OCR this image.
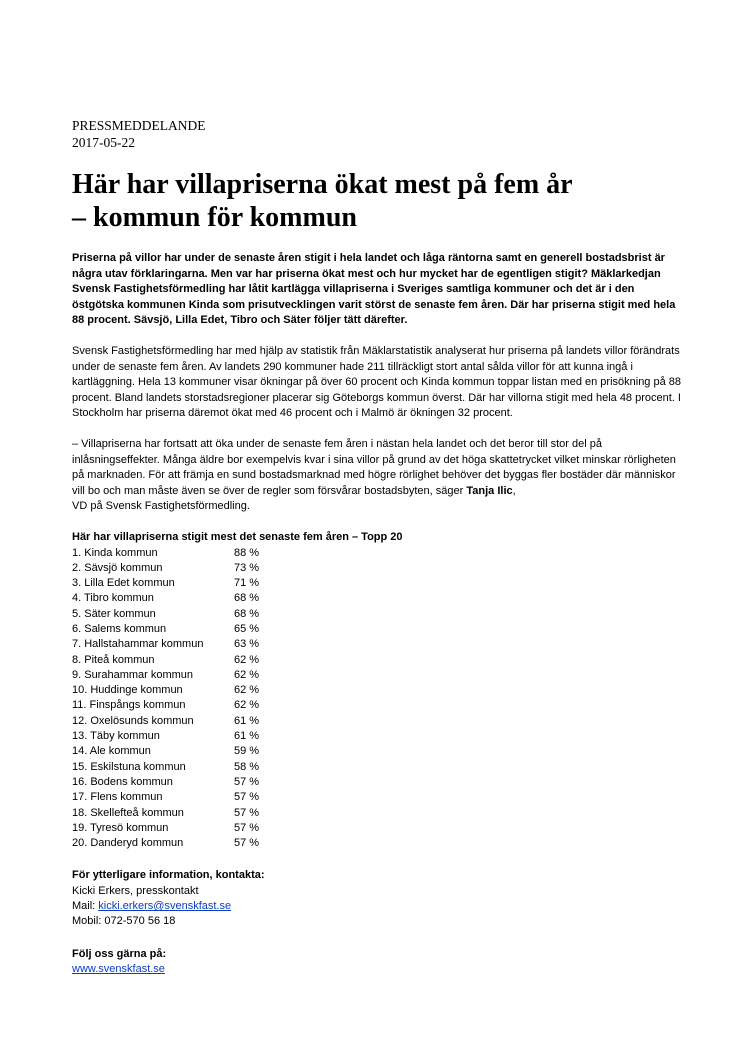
PRESSMEDDELANDE
2017-05-22
Här har villapriserna ökat mest på fem år
– kommun för kommun

Priserna på villor har under de senaste åren stigit i hela landet och låga räntorna samt en generell bostadsbrist är några utav förklaringarna. Men var har priserna ökat mest och hur mycket har de egentligen stigit? Mäklarkedjan Svensk Fastighetsförmedling har låtit kartlägga villapriserna i Sveriges samtliga kommuner och det är i den östgötska kommunen Kinda som prisutvecklingen varit störst de senaste fem åren. Där har priserna stigit med hela 88 procent. Sävsjö, Lilla Edet, Tibro och Säter följer tätt därefter.

Svensk Fastighetsförmedling har med hjälp av statistik från Mäklarstatistik analyserat hur priserna på landets villor förändrats under de senaste fem åren. Av landets 290 kommuner hade 211 tillräckligt stort antal sålda villor för att kunna ingå i kartläggning. Hela 13 kommuner visar ökningar på över 60 procent och Kinda kommun toppar listan med en prisökning på 88 procent. Bland landets storstadsregioner placerar sig Göteborgs kommun överst. Där har villorna stigit med hela 48 procent. I Stockholm har priserna däremot ökat med 46 procent och i Malmö är ökningen 32 procent.

– Villapriserna har fortsatt att öka under de senaste fem åren i nästan hela landet och det beror till stor del på inlåsningseffekter. Många äldre bor exempelvis kvar i sina villor på grund av det höga skattetrycket vilket minskar rörligheten på marknaden. För att främja en sund bostadsmarknad med högre rörlighet behöver det byggas fler bostäder där människor vill bo och man måste även se över de regler som försvårar bostadsbyten, säger Tanja Ilic,
VD på Svensk Fastighetsförmedling.

Här har villapriserna stigit mest det senaste fem åren – Topp 20
1. Kinda kommun	88 %
2. Sävsjö kommun	73 %
3. Lilla Edet kommun	71 %
4. Tibro kommun	68 %
5. Säter kommun	68 %
6. Salems kommun	65 %
7. Hallstahammar kommun	63 %
8. Piteå kommun	62 %
9. Surahammar kommun	62 %
10. Huddinge kommun	62 %
11. Finspångs kommun	62 %
12. Oxelösunds kommun	61 %
13. Täby kommun	61 %
14. Ale kommun	59 %
15. Eskilstuna kommun	58 %
16. Bodens kommun	57 %
17. Flens kommun	57 %
18. Skellefteå kommun	57 %
19. Tyresö kommun	57 %
20. Danderyd kommun	57 %
För ytterligare information, kontakta:
Kicki Erkers, presskontakt
Mail: kicki.erkers@svenskfast.se
Mobil: 072-570 56 18
Följ oss gärna på:
www.svenskfast.se
